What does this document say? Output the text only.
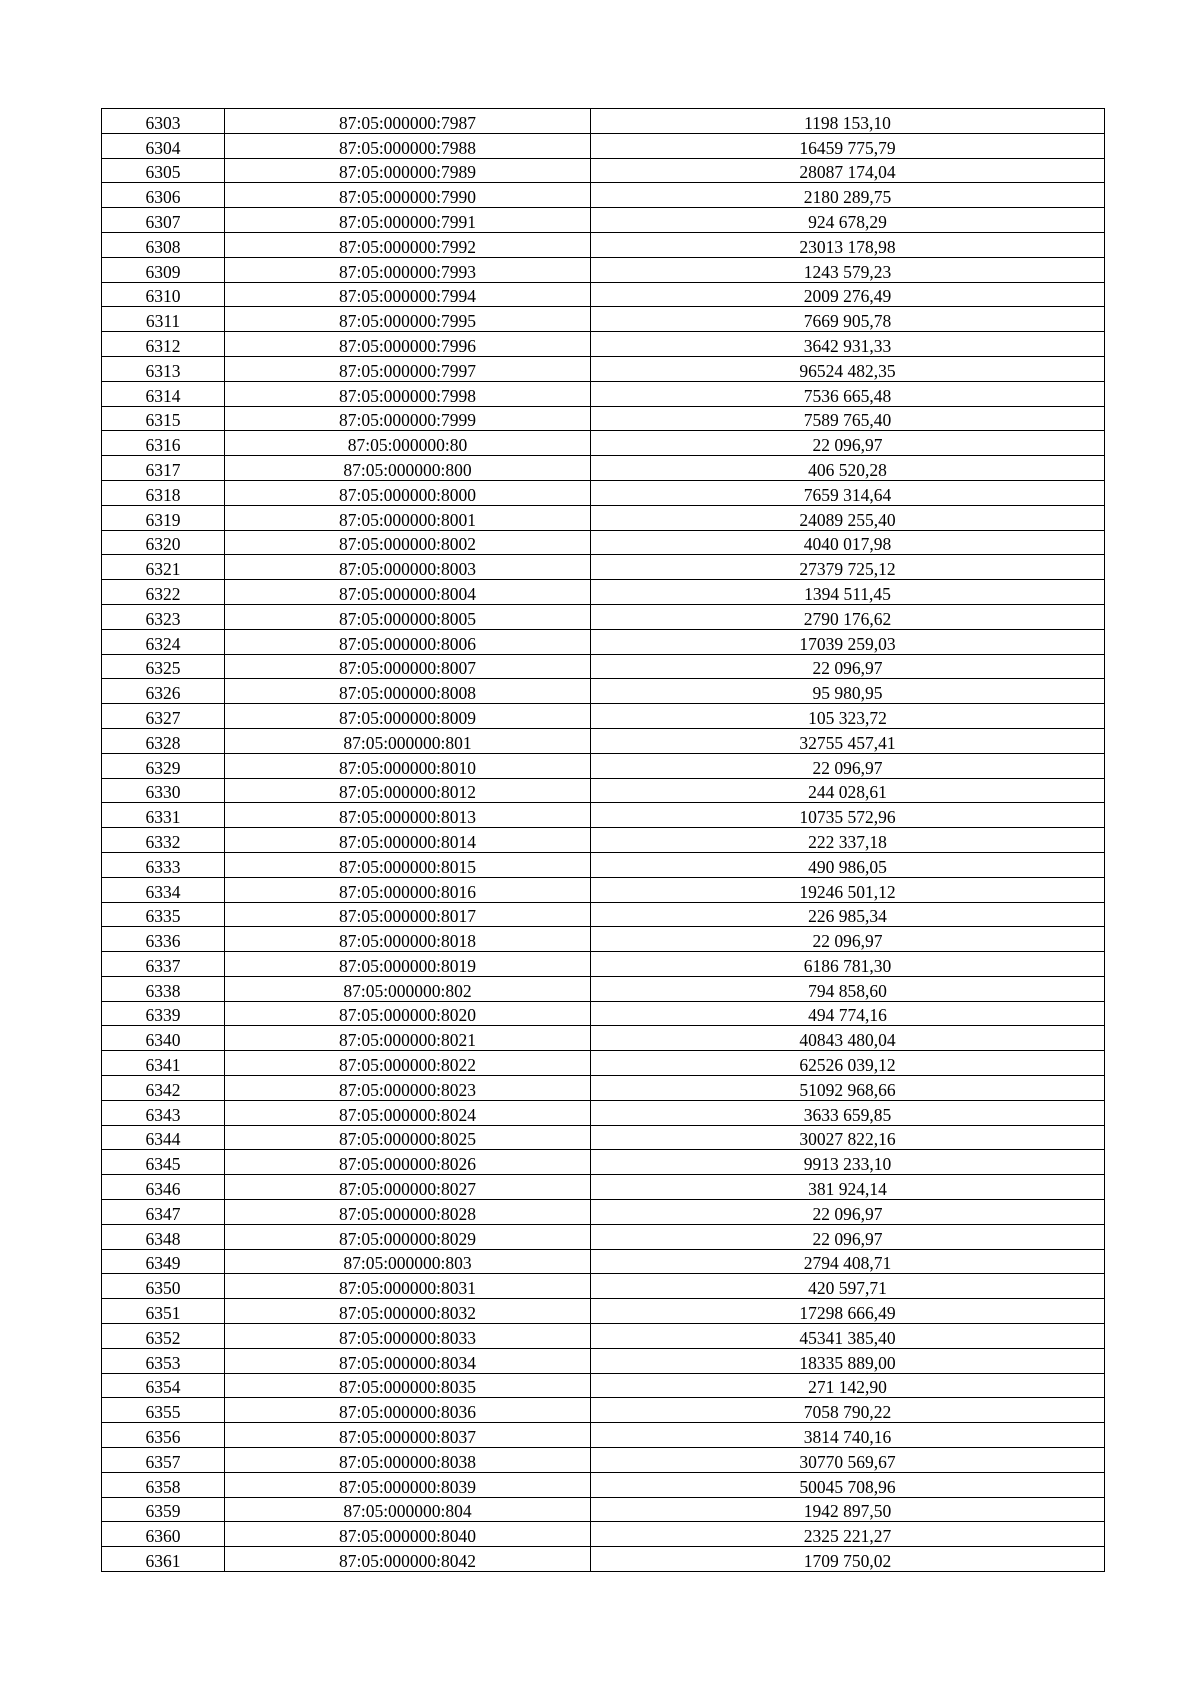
6303	87:05:000000:7987	1198 153,10
6304	87:05:000000:7988	16459 775,79
6305	87:05:000000:7989	28087 174,04
6306	87:05:000000:7990	2180 289,75
6307	87:05:000000:7991	924 678,29
6308	87:05:000000:7992	23013 178,98
6309	87:05:000000:7993	1243 579,23
6310	87:05:000000:7994	2009 276,49
6311	87:05:000000:7995	7669 905,78
6312	87:05:000000:7996	3642 931,33
6313	87:05:000000:7997	96524 482,35
6314	87:05:000000:7998	7536 665,48
6315	87:05:000000:7999	7589 765,40
6316	87:05:000000:80	22 096,97
6317	87:05:000000:800	406 520,28
6318	87:05:000000:8000	7659 314,64
6319	87:05:000000:8001	24089 255,40
6320	87:05:000000:8002	4040 017,98
6321	87:05:000000:8003	27379 725,12
6322	87:05:000000:8004	1394 511,45
6323	87:05:000000:8005	2790 176,62
6324	87:05:000000:8006	17039 259,03
6325	87:05:000000:8007	22 096,97
6326	87:05:000000:8008	95 980,95
6327	87:05:000000:8009	105 323,72
6328	87:05:000000:801	32755 457,41
6329	87:05:000000:8010	22 096,97
6330	87:05:000000:8012	244 028,61
6331	87:05:000000:8013	10735 572,96
6332	87:05:000000:8014	222 337,18
6333	87:05:000000:8015	490 986,05
6334	87:05:000000:8016	19246 501,12
6335	87:05:000000:8017	226 985,34
6336	87:05:000000:8018	22 096,97
6337	87:05:000000:8019	6186 781,30
6338	87:05:000000:802	794 858,60
6339	87:05:000000:8020	494 774,16
6340	87:05:000000:8021	40843 480,04
6341	87:05:000000:8022	62526 039,12
6342	87:05:000000:8023	51092 968,66
6343	87:05:000000:8024	3633 659,85
6344	87:05:000000:8025	30027 822,16
6345	87:05:000000:8026	9913 233,10
6346	87:05:000000:8027	381 924,14
6347	87:05:000000:8028	22 096,97
6348	87:05:000000:8029	22 096,97
6349	87:05:000000:803	2794 408,71
6350	87:05:000000:8031	420 597,71
6351	87:05:000000:8032	17298 666,49
6352	87:05:000000:8033	45341 385,40
6353	87:05:000000:8034	18335 889,00
6354	87:05:000000:8035	271 142,90
6355	87:05:000000:8036	7058 790,22
6356	87:05:000000:8037	3814 740,16
6357	87:05:000000:8038	30770 569,67
6358	87:05:000000:8039	50045 708,96
6359	87:05:000000:804	1942 897,50
6360	87:05:000000:8040	2325 221,27
6361	87:05:000000:8042	1709 750,02
